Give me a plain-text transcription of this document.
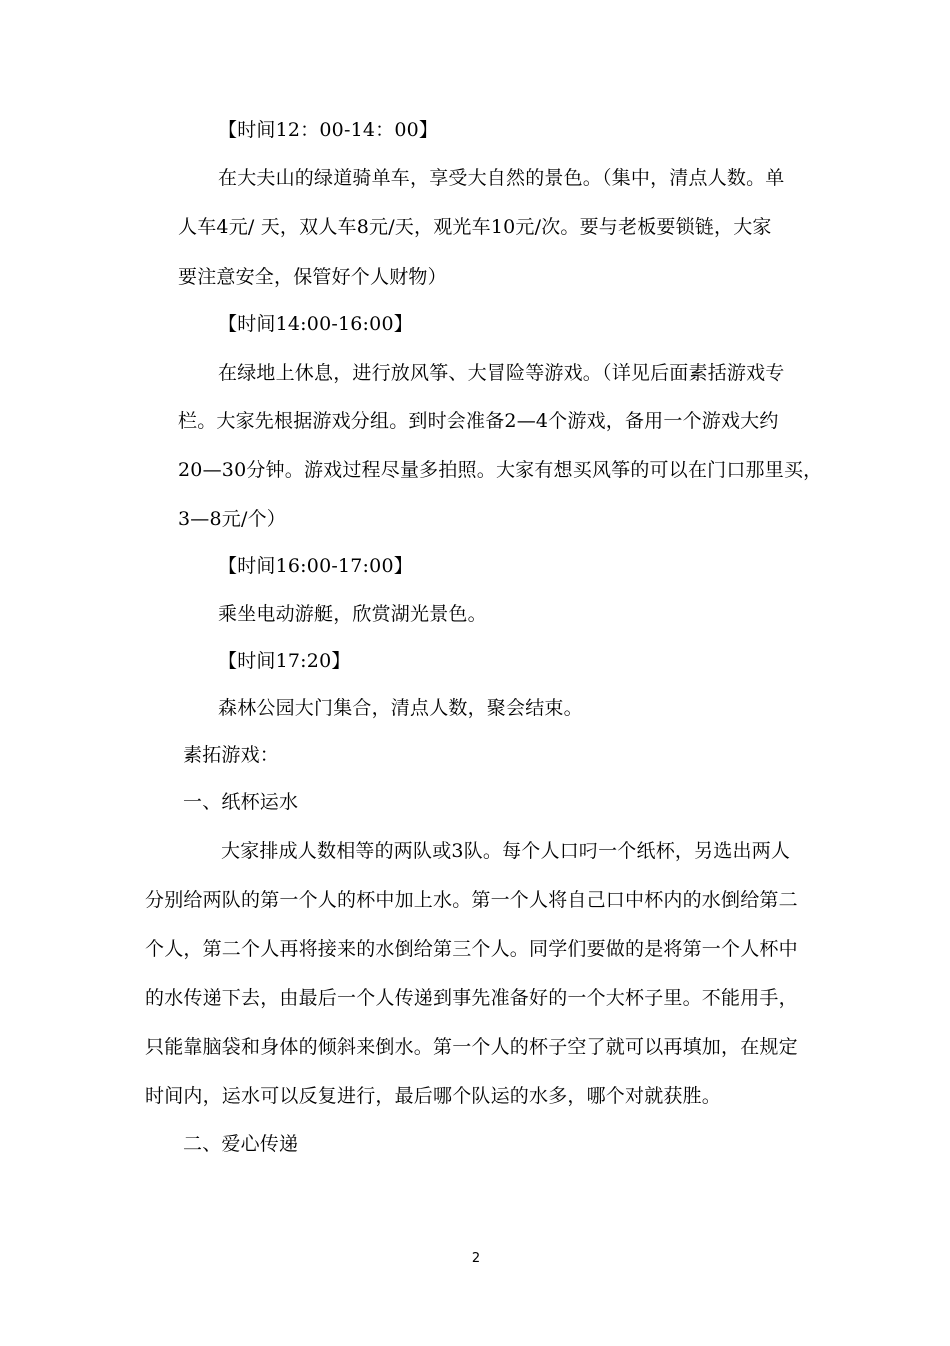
【时间12：00-14：00】
在大夫山的绿道骑单车，享受大自然的景色。（集中，清点人数。单
人车4元/ 天，双人车8元/天，观光车10元/次。要与老板要锁链，大家
要注意安全，保管好个人财物）
【时间14:00-16:00】
在绿地上休息，进行放风筝、大冒险等游戏。（详见后面素括游戏专
栏。大家先根据游戏分组。到时会准备2—4个游戏，备用一个游戏大约
20—30分钟。游戏过程尽量多拍照。大家有想买风筝的可以在门口那里买，
3—8元/个）
【时间16:00-17:00】
乘坐电动游艇，欣赏湖光景色。
【时间17:20】
森林公园大门集合，清点人数，聚会结束。
素拓游戏：
一、纸杯运水
大家排成人数相等的两队或3队。每个人口叼一个纸杯，另选出两人
分别给两队的第一个人的杯中加上水。第一个人将自己口中杯内的水倒给第二
个人，第二个人再将接来的水倒给第三个人。同学们要做的是将第一个人杯中
的水传递下去，由最后一个人传递到事先准备好的一个大杯子里。不能用手，
只能靠脑袋和身体的倾斜来倒水。第一个人的杯子空了就可以再填加，在规定
时间内，运水可以反复进行，最后哪个队运的水多，哪个对就获胜。
二、爱心传递
2
